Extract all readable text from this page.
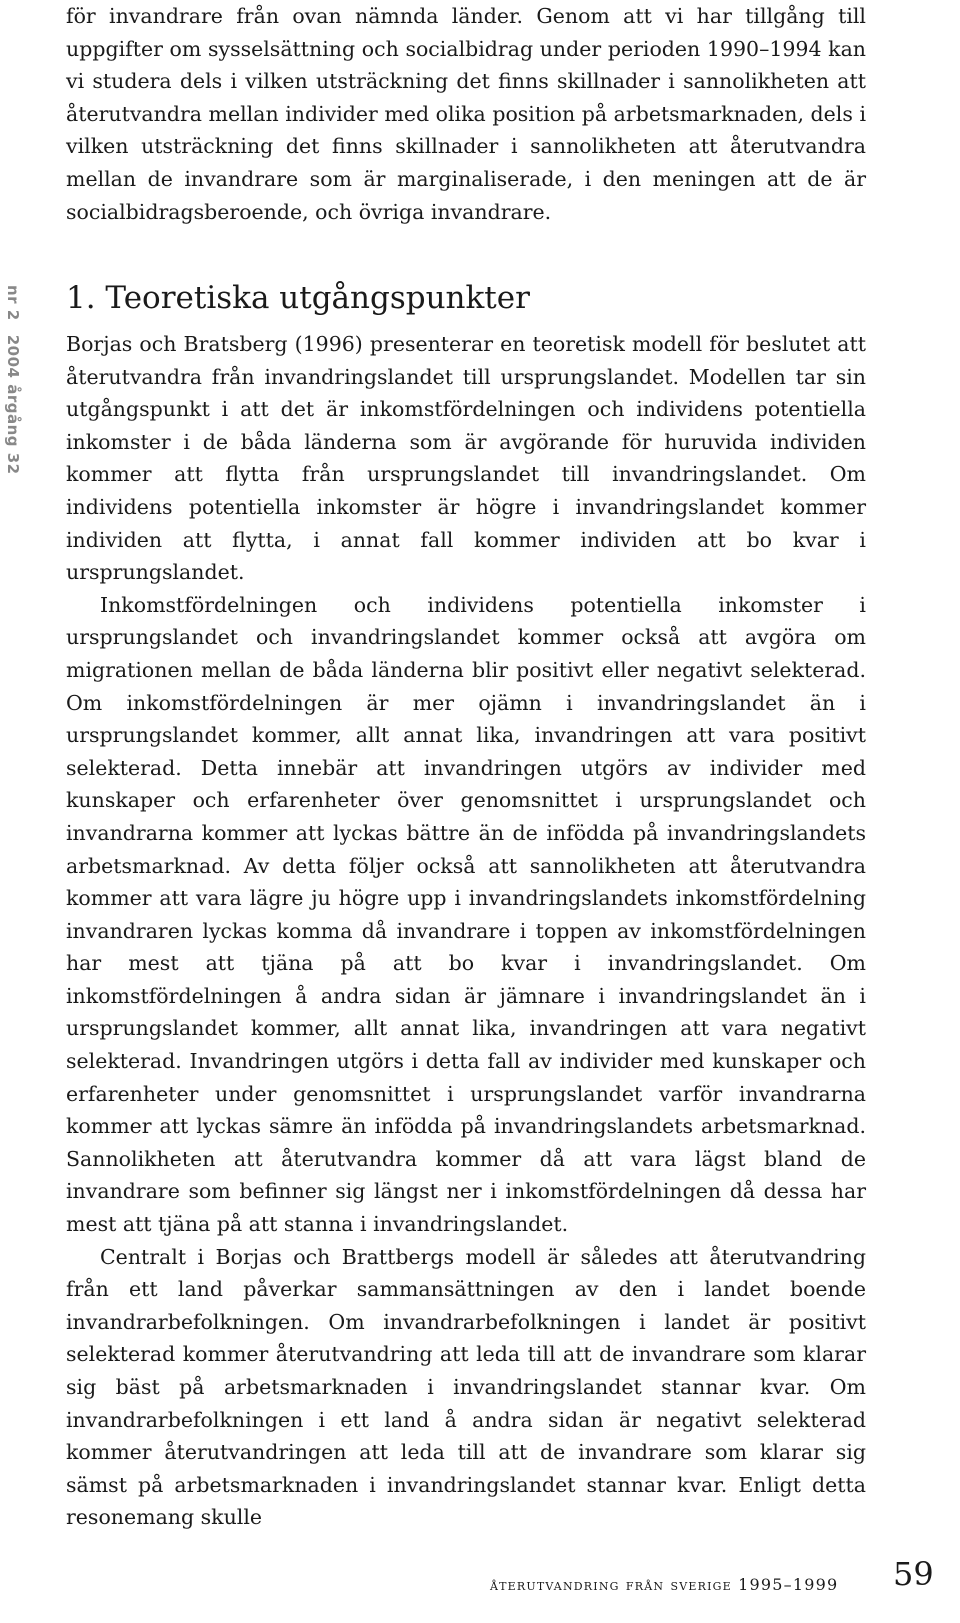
nr 22004 årgång 32

för invandrare från ovan nämnda länder. Genom att vi har tillgång till uppgifter om sysselsättning och socialbidrag under perioden 1990–1994 kan vi studera dels i vilken utsträckning det finns skillnader i sannolikheten att återutvandra mellan individer med olika position på arbetsmarknaden, dels i vilken utsträckning det finns skillnader i sannolikheten att återutvandra mellan de invandrare som är marginaliserade, i den meningen att de är socialbidragsberoende, och övriga invandrare.

1. Teoretiska utgångspunkter

Borjas och Bratsberg (1996) presenterar en teoretisk modell för beslutet att återutvandra från invandringslandet till ursprungslandet. Modellen tar sin utgångspunkt i att det är inkomstfördelningen och individens potentiella inkomster i de båda länderna som är avgörande för huruvida individen kommer att flytta från ursprungslandet till invandringslandet. Om individens potentiella inkomster är högre i invandringslandet kommer individen att flytta, i annat fall kommer individen att bo kvar i ursprungslandet.

Inkomstfördelningen och individens potentiella inkomster i ursprungslandet och invandringslandet kommer också att avgöra om migrationen mellan de båda länderna blir positivt eller negativt selekterad. Om inkomstfördelningen är mer ojämn i invandringslandet än i ursprungslandet kommer, allt annat lika, invandringen att vara positivt selekterad. Detta innebär att invandringen utgörs av individer med kunskaper och erfarenheter över genomsnittet i ursprungslandet och invandrarna kommer att lyckas bättre än de infödda på invandringslandets arbetsmarknad. Av detta följer också att sannolikheten att återutvandra kommer att vara lägre ju högre upp i invandringslandets inkomstfördelning invandraren lyckas komma då invandrare i toppen av inkomstfördelningen har mest att tjäna på att bo kvar i invandringslandet. Om inkomstfördelningen å andra sidan är jämnare i invandringslandet än i ursprungslandet kommer, allt annat lika, invandringen att vara negativt selekterad. Invandringen utgörs i detta fall av individer med kunskaper och erfarenheter under genomsnittet i ursprungslandet varför invandrarna kommer att lyckas sämre än infödda på invandringslandets arbetsmarknad. Sannolikheten att återutvandra kommer då att vara lägst bland de invandrare som befinner sig längst ner i inkomstfördelningen då dessa har mest att tjäna på att stanna i invandringslandet.

Centralt i Borjas och Brattbergs modell är således att återutvandring från ett land påverkar sammansättningen av den i landet boende invandrarbefolkningen. Om invandrarbefolkningen i landet är positivt selekterad kommer återutvandring att leda till att de invandrare som klarar sig bäst på arbetsmarknaden i invandringslandet stannar kvar. Om invandrarbefolkningen i ett land å andra sidan är negativt selekterad kommer återutvandringen att leda till att de invandrare som klarar sig sämst på arbetsmarknaden i invandringslandet stannar kvar. Enligt detta resonemang skulle

återutvandring från sverige 1995–1999 59
